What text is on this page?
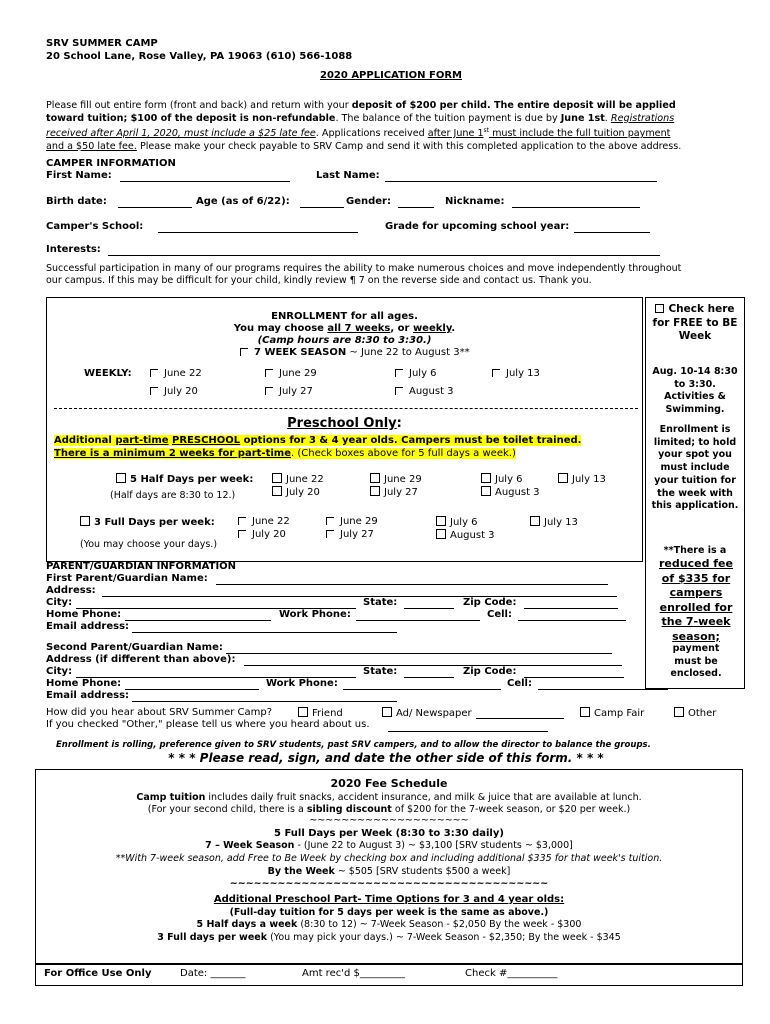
SRV SUMMER CAMP
20 School Lane, Rose Valley, PA 19063 (610) 566-1088
2020 APPLICATION FORM
Please fill out entire form (front and back) and return with your deposit of $200 per child. The entire deposit will be applied
toward tuition; $100 of the deposit is non-refundable. The balance of the tuition payment is due by June 1st. Registrations
received after April 1, 2020, must include a $25 late fee. Applications received after June 1st must include the full tuition payment
and a $50 late fee. Please make your check payable to SRV Camp and send it with this completed application to the above address.
CAMPER INFORMATION
First Name:	Last Name:
Birth date:	Age (as of 6/22):	Gender:	Nickname:
Camper's School:	Grade for upcoming school year:
Interests:
Successful participation in many of our programs requires the ability to make numerous choices and move independently throughout
our campus. If this may be difficult for your child, kindly review ¶ 7 on the reverse side and contact us. Thank you.
ENROLLMENT for all ages.
You may choose all 7 weeks, or weekly.
(Camp hours are 8:30 to 3:30.)
7 WEEK SEASON ~ June 22 to August 3**
WEEKLY:	June 22	June 29	July 6	July 13
July 20	July 27	August 3
Preschool Only:
Additional part-time PRESCHOOL options for 3 & 4 year olds. Campers must be toilet trained.
There is a minimum 2 weeks for part-time. (Check boxes above for 5 full days a week.)
5 Half Days per week:
(Half days are 8:30 to 12.)
June 22	June 29	July 6	July 13
July 20	July 27	August 3
3 Full Days per week:
(You may choose your days.)
June 22	June 29	July 6	July 13
July 20	July 27	August 3
Check here for FREE to BE Week
Aug. 10-14 8:30 to 3:30. Activities & Swimming.
Enrollment is limited; to hold your spot you must include your tuition for the week with this application.
**There is a
reduced fee of $335 for campers enrolled for the 7-week season;
payment must be enclosed.
PARENT/GUARDIAN INFORMATION
First Parent/Guardian Name:
Address:
City:	State:	Zip Code:
Home Phone:	Work Phone:	Cell:
Email address:
Second Parent/Guardian Name:
Address (if different than above):
City:	State:	Zip Code:
Home Phone:	Work Phone:	Cell:
Email address:
How did you hear about SRV Summer Camp?	Friend	Ad/ Newspaper	Camp Fair	Other
If you checked "Other," please tell us where you heard about us.
Enrollment is rolling, preference given to SRV students, past SRV campers, and to allow the director to balance the groups.
* * * Please read, sign, and date the other side of this form. * * *
2020 Fee Schedule
Camp tuition includes daily fruit snacks, accident insurance, and milk & juice that are available at lunch.
(For your second child, there is a sibling discount of $200 for the 7-week season, or $20 per week.)
~~~~~~~~~~~~~~~~~~~~
5 Full Days per Week (8:30 to 3:30 daily)
7 – Week Season - (June 22 to August 3) ~ $3,100 [SRV students ~ $3,000]
**With 7-week season, add Free to Be Week by checking box and including additional $335 for that week's tuition.
By the Week ~ $505 [SRV students $500 a week]
~~~~~~~~~~~~~~~~~~~~~~~~~~~~~~~~~~~~~~~~
Additional Preschool Part- Time Options for 3 and 4 year olds:
(Full-day tuition for 5 days per week is the same as above.)
5 Half days a week (8:30 to 12) ~ 7-Week Season - $2,050 By the week - $300
3 Full days per week (You may pick your days.) ~ 7-Week Season - $2,350; By the week - $345
For Office Use Only	Date: _______	Amt rec'd $_________	Check #__________
